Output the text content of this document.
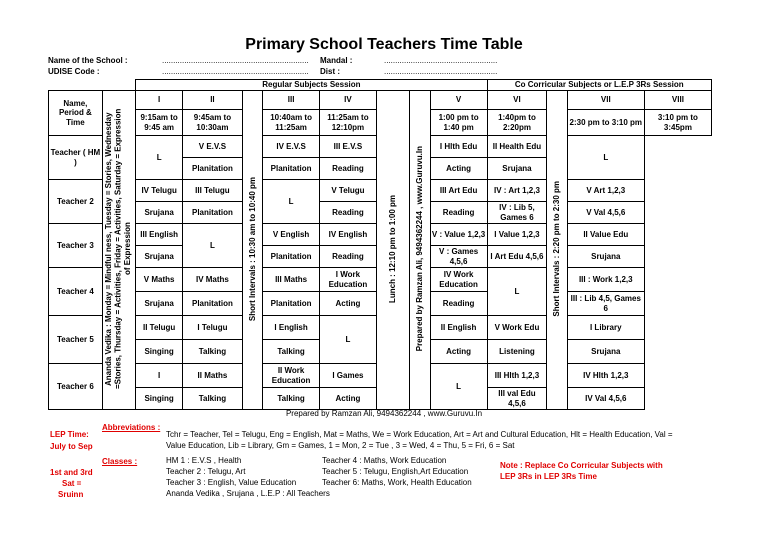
Primary School Teachers Time Table
Name of the School :	.................................................................. Mandal :	...................................................
UDISE Code :	.................................................................. Dist :	...................................................
		Regular Subjects Session								Co Corricular Subjects or L.E.P 3Rs Session			
Name, Period & Time	Ananda Vedika : Monday = Mindful ness, Tuesday = Stories, Wednesday =Stories, Thursday = Activities, Friday = Activities, Saturday = Expression of Expression	I	II	Short Intervals : 10:30 am to 10:40 pm	III	IV	Lunch : 12:10 pm to 1:00 pm	Prepared by Ramzan Ali, 9494362244 , www.Guruvu.In	V	VI	Short Intervals : 2:20 pm to 2:30 pm	VII	VIII
		9:15am to 9:45 am	9:45am to 10:30am		10:40am to 11:25am	11:25am to 12:10pm			1:00 pm to 1:40 pm	1:40pm to 2:20pm		2:30 pm to 3:10 pm	3:10 pm to 3:45pm
Teacher ( HM )		L	V E.V.S		IV E.V.S	III E.V.S			I Hlth Edu	II Health Edu		L	
			Planitation		Planitation	Reading			Acting	Srujana			
Teacher 2		IV Telugu	III Telugu		L	V Telugu			III Art Edu	IV : Art 1,2,3		V Art 1,2,3	
		Srujana	Planitation			Reading			Reading	IV : Lib 5, Games 6		V Val 4,5,6	
Teacher 3		III English	L		V English	IV English			V : Value 1,2,3	I Value 1,2,3		II Value Edu	
		Srujana			Planitation	Reading			V : Games 4,5,6	I Art Edu 4,5,6		Srujana	
Teacher 4		V Maths	IV Maths		III Maths	I Work Education			IV Work Education	L		III : Work 1,2,3	
		Srujana	Planitation		Planitation	Acting			Reading			III : Lib 4,5, Games 6	
Teacher 5		II Telugu	I Telugu		I English	L			II English	V Work Edu		I Library	
		Singing	Talking		Talking				Acting	Listening		Srujana	
Teacher 6		I	II Maths		II Work Education	I Games			L	III Hlth 1,2,3		IV Hlth 1,2,3	
		Singing	Talking		Talking	Acting				III val Edu 4,5,6		IV Val 4,5,6	
Prepared by Ramzan Ali, 9494362244 , www.Guruvu.In
LEP Time:
July to Sep
Abbreviations :
Tchr = Teacher, Tel = Telugu, Eng = English, Mat = Maths, We = Work Education, Art = Art and Cultural Education, Hlt = Health Education, Val =
Value Education, Lib = Library, Gm = Games, 1 = Mon, 2 = Tue , 3 = Wed, 4 = Thu, 5 = Fri, 6 = Sat
Classes :
1st and 3rd
Sat =
Sruinn
HM 1 : E.V.S , Health
Teacher 2 : Telugu, Art
Teacher 3 : English, Value Education
Ananda Vedika , Srujana , L.E.P : All Teachers
Teacher 4 : Maths, Work Education
Teacher 5 : Telugu, English,Art Education
Teacher 6: Maths, Work, Health Education
Note : Replace Co Corricular Subjects with LEP 3Rs in LEP 3Rs Time
